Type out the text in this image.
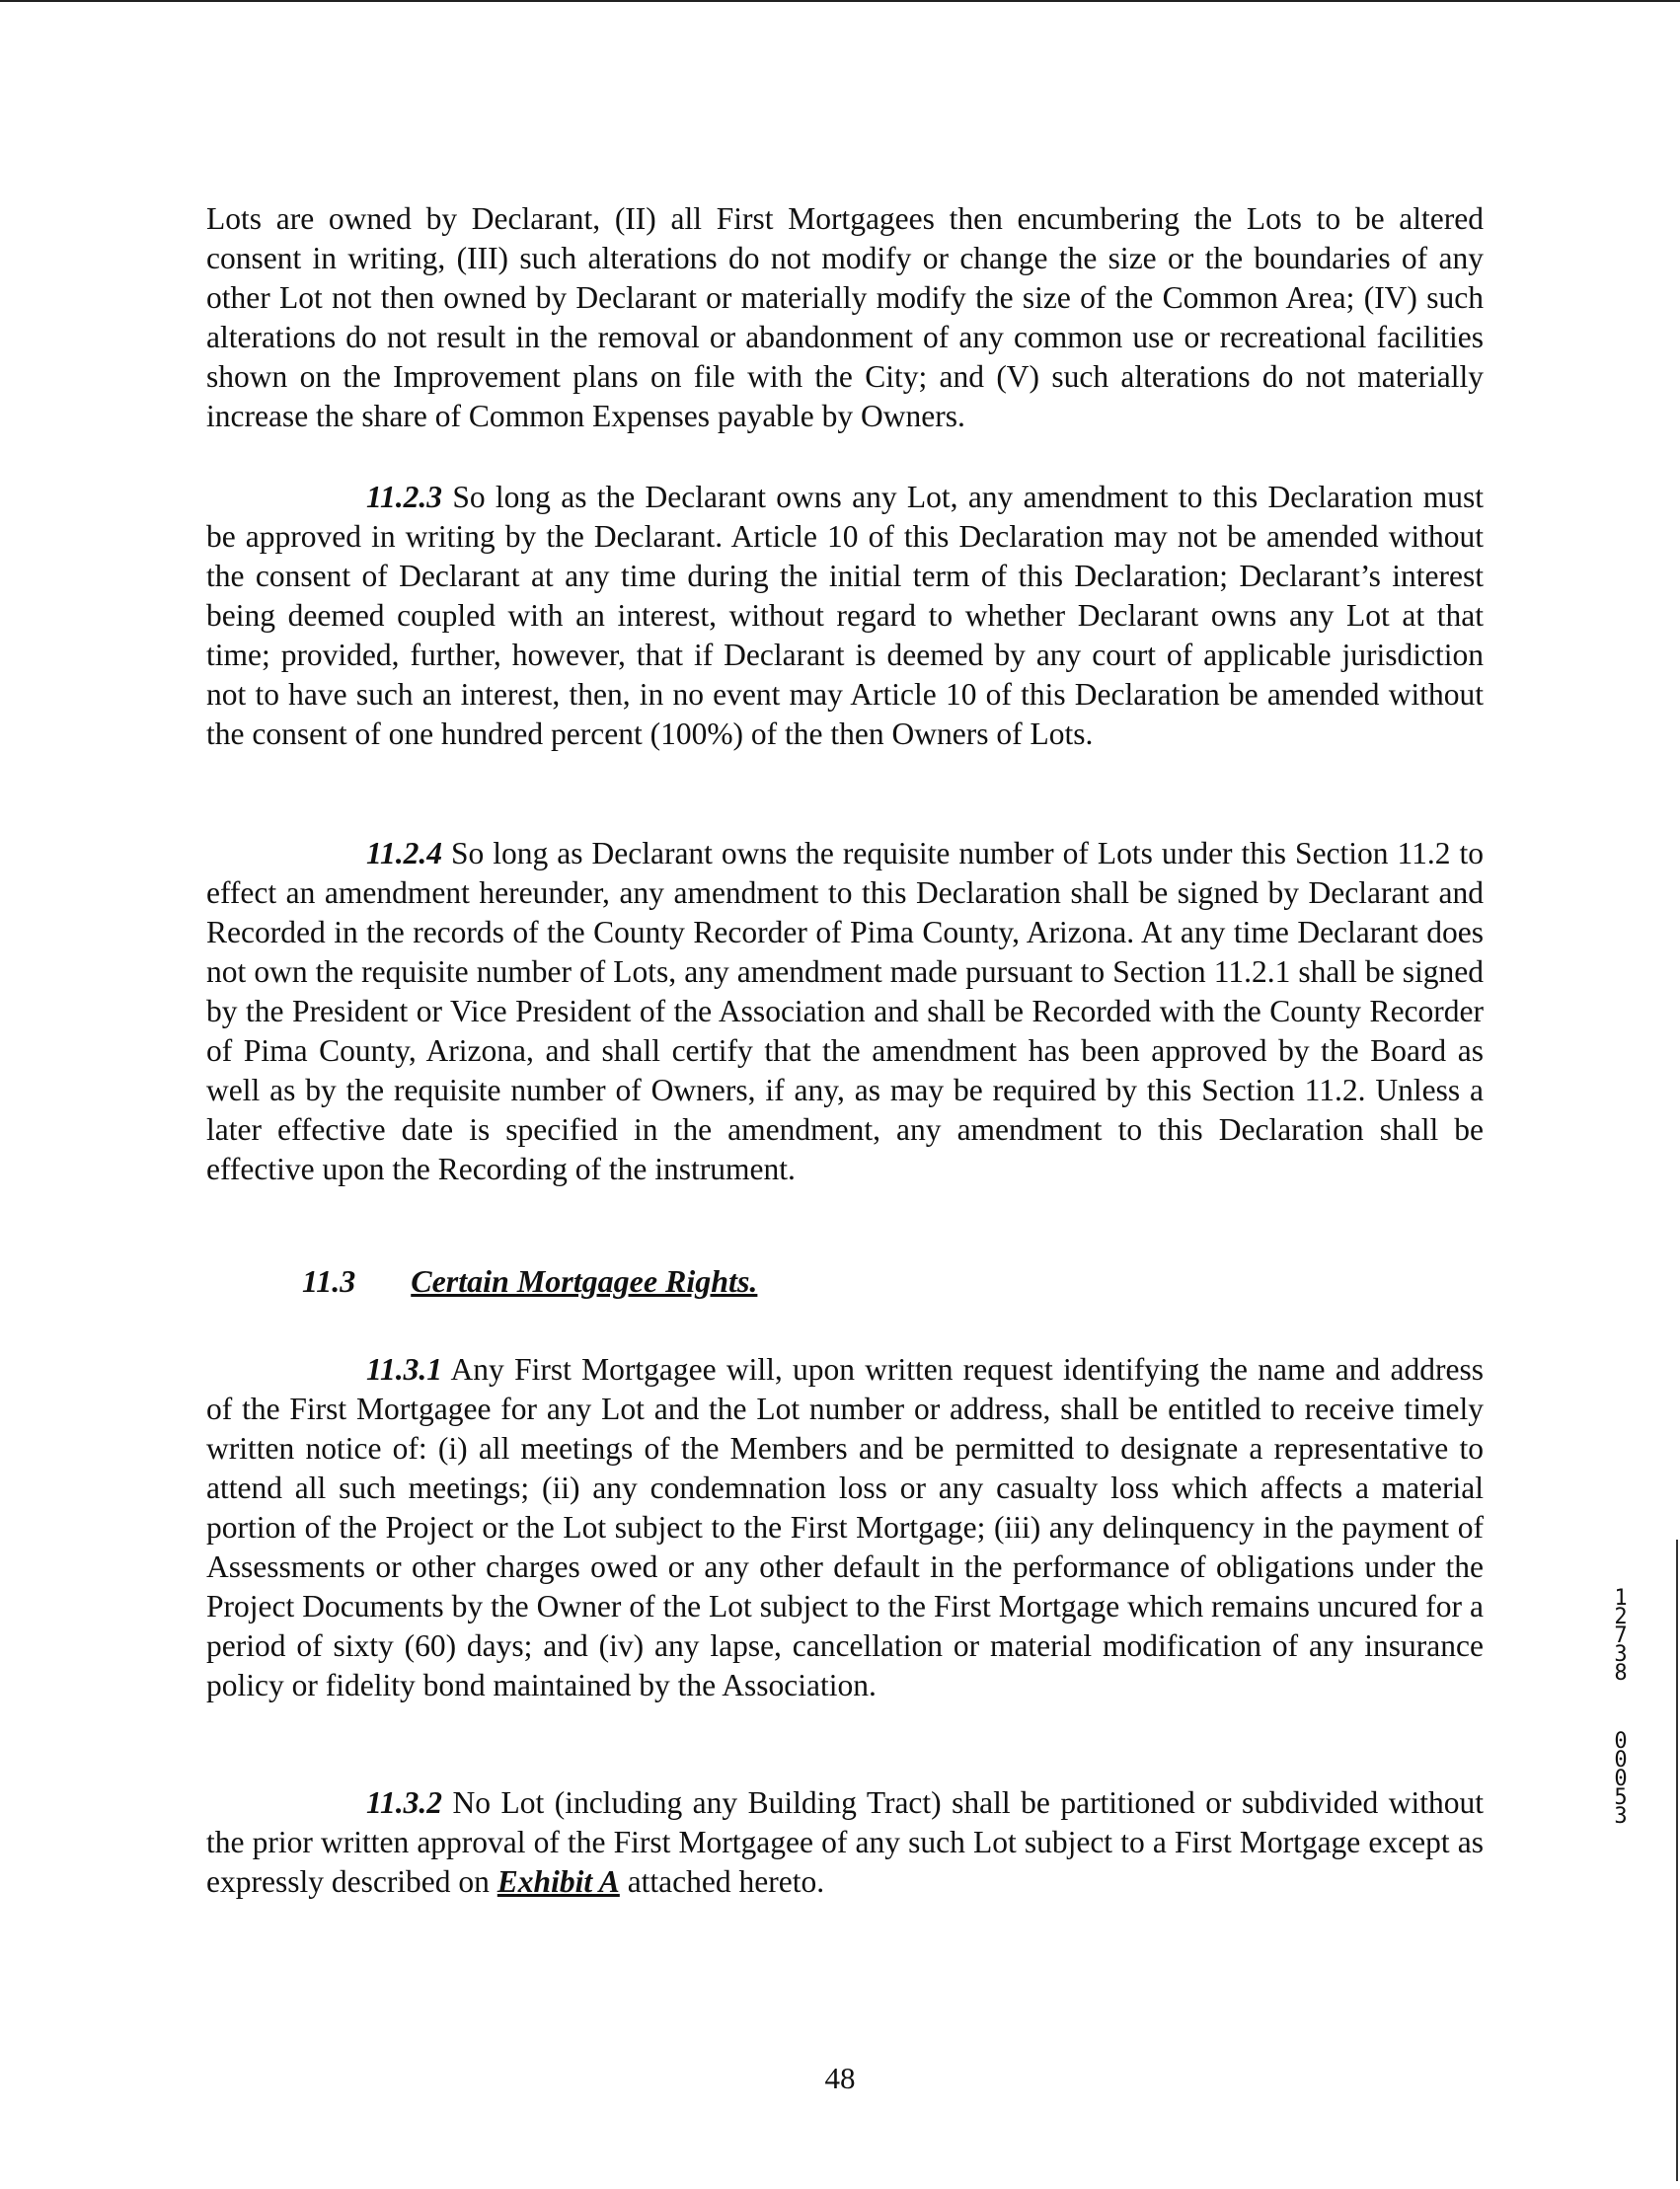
Lots are owned by Declarant, (II) all First Mortgagees then encumbering the Lots to be altered consent in writing, (III) such alterations do not modify or change the size or the boundaries of any other Lot not then owned by Declarant or materially modify the size of the Common Area; (IV) such alterations do not result in the removal or abandonment of any common use or recreational facilities shown on the Improvement plans on file with the City; and (V) such alterations do not materially increase the share of Common Expenses payable by Owners.
11.2.3 So long as the Declarant owns any Lot, any amendment to this Declaration must be approved in writing by the Declarant. Article 10 of this Declaration may not be amended without the consent of Declarant at any time during the initial term of this Declaration; Declarant’s interest being deemed coupled with an interest, without regard to whether Declarant owns any Lot at that time; provided, further, however, that if Declarant is deemed by any court of applicable jurisdiction not to have such an interest, then, in no event may Article 10 of this Declaration be amended without the consent of one hundred percent (100%) of the then Owners of Lots.
11.2.4 So long as Declarant owns the requisite number of Lots under this Section 11.2 to effect an amendment hereunder, any amendment to this Declaration shall be signed by Declarant and Recorded in the records of the County Recorder of Pima County, Arizona. At any time Declarant does not own the requisite number of Lots, any amendment made pursuant to Section 11.2.1 shall be signed by the President or Vice President of the Association and shall be Recorded with the County Recorder of Pima County, Arizona, and shall certify that the amendment has been approved by the Board as well as by the requisite number of Owners, if any, as may be required by this Section 11.2. Unless a later effective date is specified in the amendment, any amendment to this Declaration shall be effective upon the Recording of the instrument.
11.3 Certain Mortgagee Rights.
11.3.1 Any First Mortgagee will, upon written request identifying the name and address of the First Mortgagee for any Lot and the Lot number or address, shall be entitled to receive timely written notice of: (i) all meetings of the Members and be permitted to designate a representative to attend all such meetings; (ii) any condemnation loss or any casualty loss which affects a material portion of the Project or the Lot subject to the First Mortgage; (iii) any delinquency in the payment of Assessments or other charges owed or any other default in the performance of obligations under the Project Documents by the Owner of the Lot subject to the First Mortgage which remains uncured for a period of sixty (60) days; and (iv) any lapse, cancellation or material modification of any insurance policy or fidelity bond maintained by the Association.
11.3.2 No Lot (including any Building Tract) shall be partitioned or subdivided without the prior written approval of the First Mortgagee of any such Lot subject to a First Mortgage except as expressly described on Exhibit A attached hereto.
48
1
2
7
3
8
0
0
0
5
3
